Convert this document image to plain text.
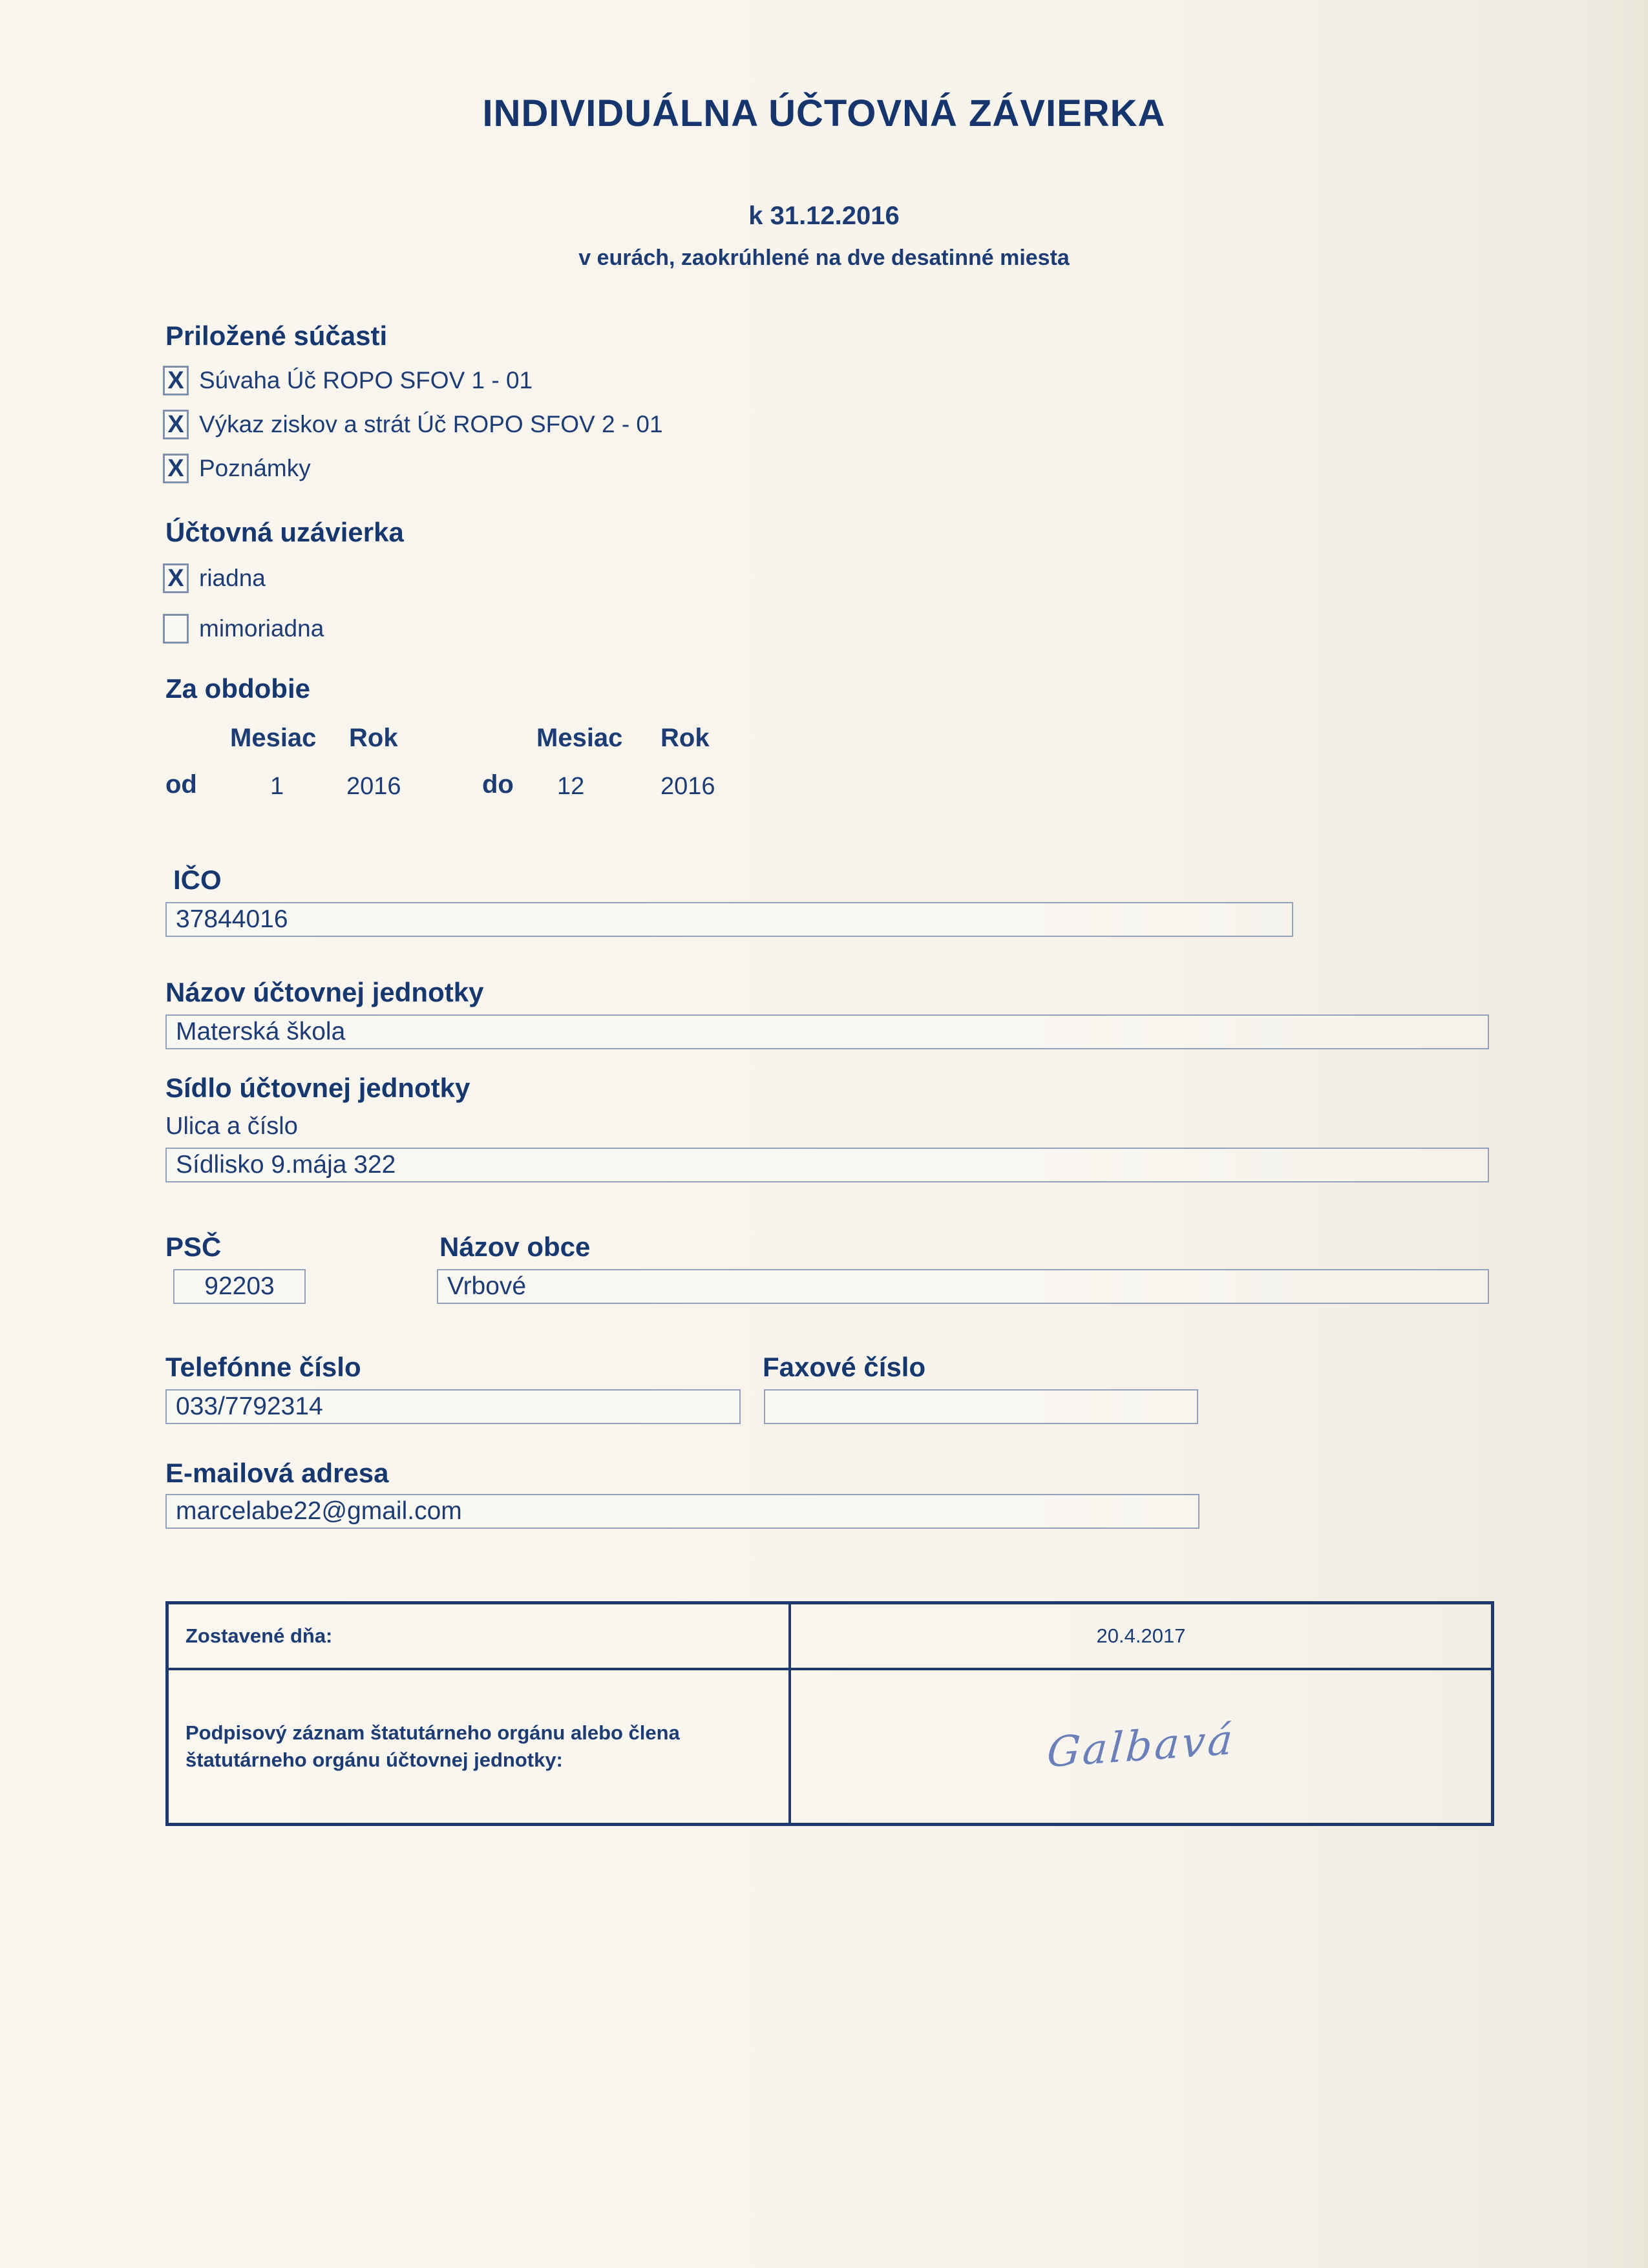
INDIVIDUÁLNA ÚČTOVNÁ ZÁVIERKA
k 31.12.2016
v eurách, zaokrúhlené na dve desatinné miesta
Priložené súčasti
X Súvaha Úč ROPO SFOV 1 - 01
X Výkaz ziskov a strát Úč ROPO SFOV 2 - 01
X Poznámky
Účtovná uzávierka
X riadna
mimoriadna
Za obdobie
Mesiac Rok	Mesiac Rok
od	1	2016	do 12	2016
IČO
37844016
Názov účtovnej jednotky
Materská škola
Sídlo účtovnej jednotky
Ulica a číslo
Sídlisko 9.mája 322
PSČ	Názov obce
92203	Vrbové
Telefónne číslo	Faxové číslo
033/7792314
E-mailová adresa
marcelabe22@gmail.com
Zostavené dňa:	20.4.2017
Podpisový záznam štatutárneho orgánu alebo člena štatutárneho orgánu účtovnej jednotky:	Galbavá
